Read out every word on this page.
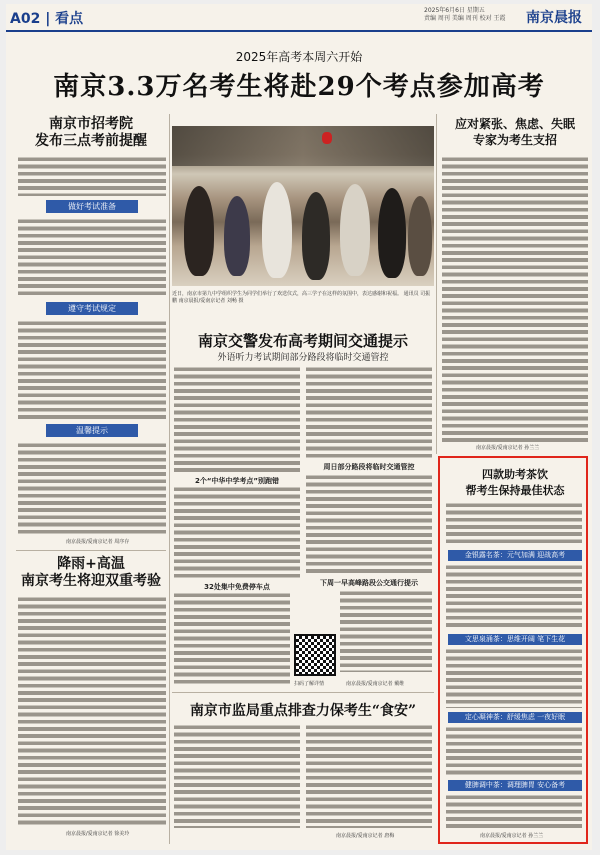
A02 | 看点
2025年6月6日 星期五
责编 周刊 美编 周刊 校对 王霞	南京晨报
2025年高考本周六开始
南京3.3万名考生将赴29个考点参加高考
南京市招考院
发布三点考前提醒
做好考试准备
遵守考试规定
温馨提示
南京晨报/爱南京记者 周序存
降雨+高温
南京考生将迎双重考验
南京晨报/爱南京记者 徐美玲
近日，南京市第九中学组织学生为同学们举行了欢送仪式，高三学子在这样的氛围中，表达感谢和祝福。 通讯员 司振鹏 南京晨报/爱南京记者 刘畅 摄
应对紧张、焦虑、失眠
专家为考生支招
南京晨报/爱南京记者 孙兰兰
南京交警发布高考期间交通提示
外语听力考试期间部分路段将临时交通管控
2个“中华中学考点”别跑错
32处集中免费停车点
扫码了解详情
周日部分路段将临时交通管控
下周一早高峰路段公交通行提示
南京晨报/爱南京记者 戴维
南京市监局重点排查力保考生“食安”
南京晨报/爱南京记者 唐梅
四款助考茶饮
帮考生保持最佳状态
金银露名茶：元气加满 迎战高考
文思泉涌茶：思维开阔 笔下生花
定心凝神茶：舒缓焦虑 一夜好眠
健脾调中茶：调理脾胃 安心备考
南京晨报/爱南京记者 孙兰兰
